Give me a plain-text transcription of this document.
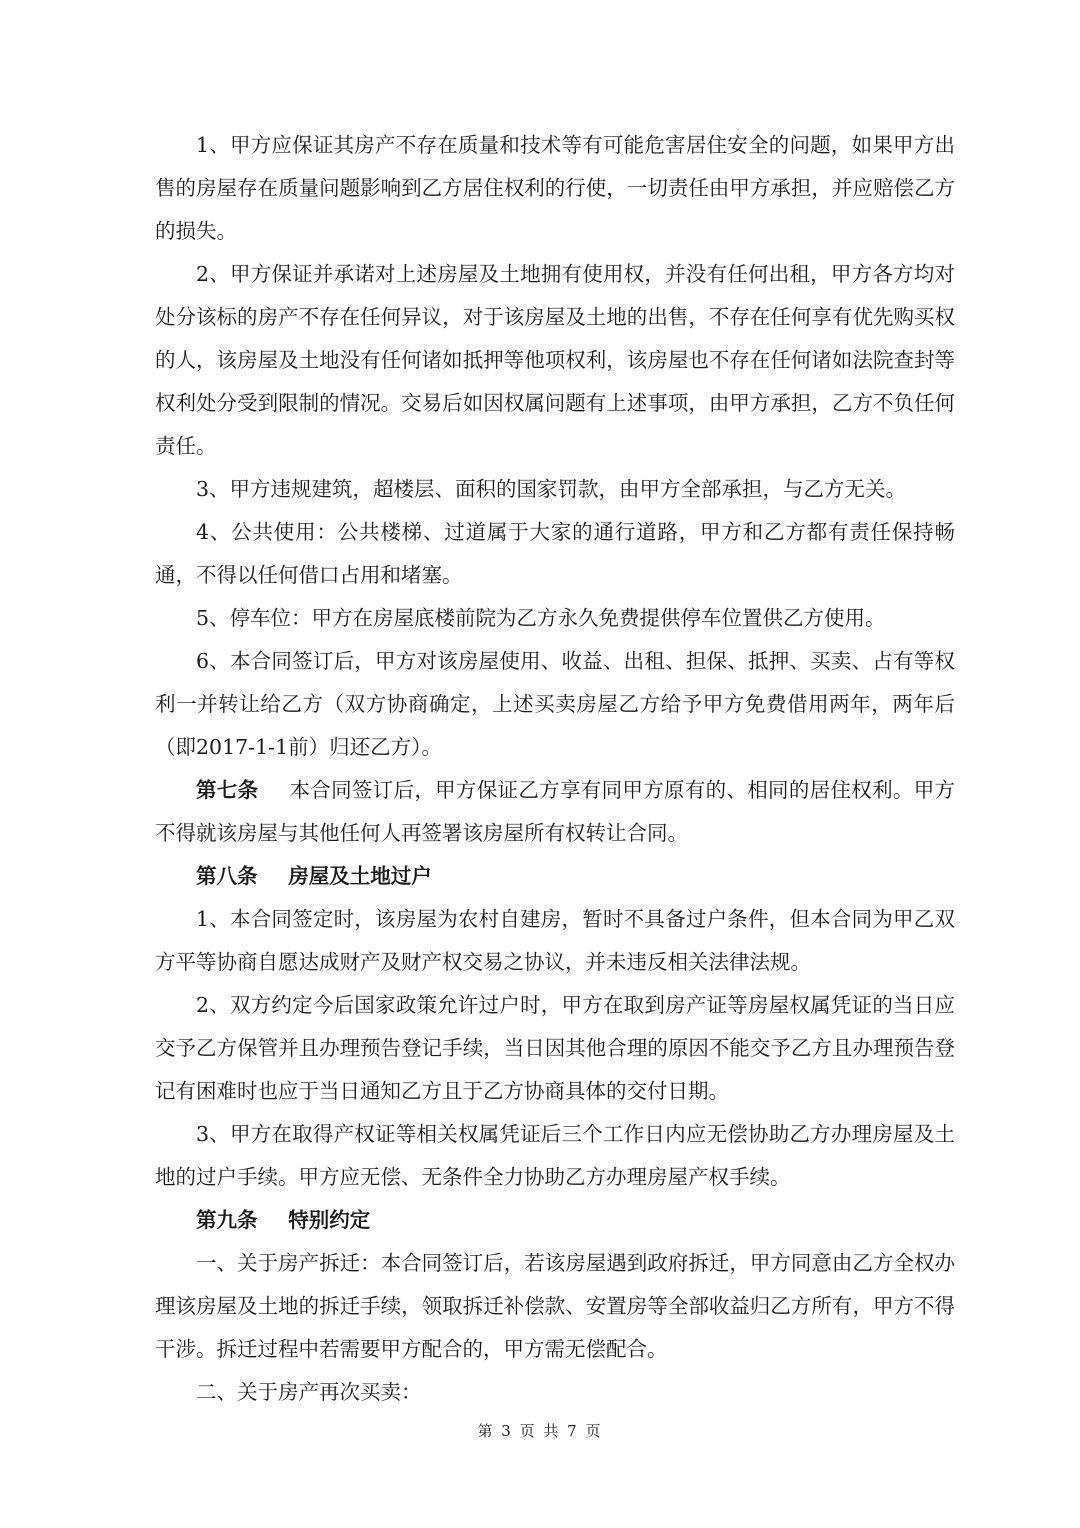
1、甲方应保证其房产不存在质量和技术等有可能危害居住安全的问题，如果甲方出售的房屋存在质量问题影响到乙方居住权利的行使，一切责任由甲方承担，并应赔偿乙方的损失。

2、甲方保证并承诺对上述房屋及土地拥有使用权，并没有任何出租，甲方各方均对处分该标的房产不存在任何异议，对于该房屋及土地的出售，不存在任何享有优先购买权的人，该房屋及土地没有任何诸如抵押等他项权利，该房屋也不存在任何诸如法院查封等权利处分受到限制的情况。交易后如因权属问题有上述事项，由甲方承担，乙方不负任何责任。

3、甲方违规建筑，超楼层、面积的国家罚款，由甲方全部承担，与乙方无关。

4、公共使用：公共楼梯、过道属于大家的通行道路，甲方和乙方都有责任保持畅通，不得以任何借口占用和堵塞。

5、停车位：甲方在房屋底楼前院为乙方永久免费提供停车位置供乙方使用。

6、本合同签订后，甲方对该房屋使用、收益、出租、担保、抵押、买卖、占有等权利一并转让给乙方（双方协商确定，上述买卖房屋乙方给予甲方免费借用两年，两年后（即2017-1-1前）归还乙方）。

第七条 本合同签订后，甲方保证乙方享有同甲方原有的、相同的居住权利。甲方不得就该房屋与其他任何人再签署该房屋所有权转让合同。

第八条 房屋及土地过户

1、本合同签定时，该房屋为农村自建房，暂时不具备过户条件，但本合同为甲乙双方平等协商自愿达成财产及财产权交易之协议，并未违反相关法律法规。

2、双方约定今后国家政策允许过户时，甲方在取到房产证等房屋权属凭证的当日应交予乙方保管并且办理预告登记手续，当日因其他合理的原因不能交予乙方且办理预告登记有困难时也应于当日通知乙方且于乙方协商具体的交付日期。

3、甲方在取得产权证等相关权属凭证后三个工作日内应无偿协助乙方办理房屋及土地的过户手续。甲方应无偿、无条件全力协助乙方办理房屋产权手续。

第九条 特别约定

一、关于房产拆迁：本合同签订后，若该房屋遇到政府拆迁，甲方同意由乙方全权办理该房屋及土地的拆迁手续，领取拆迁补偿款、安置房等全部收益归乙方所有，甲方不得干涉。拆迁过程中若需要甲方配合的，甲方需无偿配合。

二、关于房产再次买卖：

第 3 页 共 7 页
